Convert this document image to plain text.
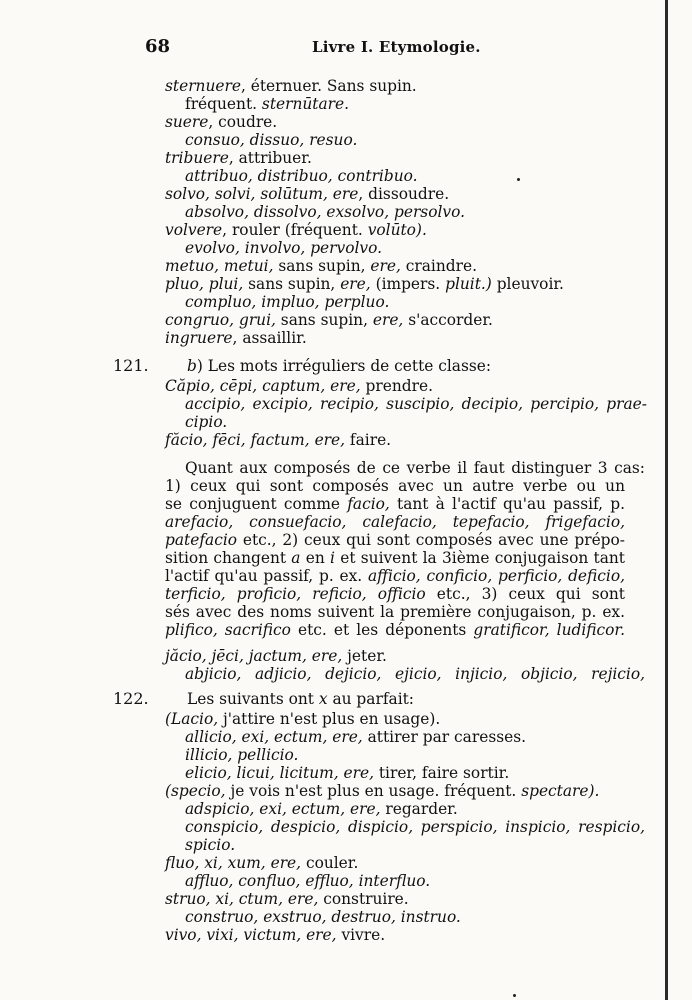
68	Livre I. Etymologie.
sternuere, éternuer. Sans supin.
fréquent. sternūtare.
suere, coudre.
consuo, dissuo, resuo.
tribuere, attribuer.
attribuo, distribuo, contribuo.
solvo, solvi, solūtum, ere, dissoudre.
absolvo, dissolvo, exsolvo, persolvo.
volvere, rouler (fréquent. volūto).
evolvo, involvo, pervolvo.
metuo, metui, sans supin, ere, craindre.
pluo, plui, sans supin, ere, (impers. pluit.) pleuvoir.
compluo, impluo, perpluo.
congruo, grui, sans supin, ere, s'accorder.
ingruere, assaillir.
b) Les mots irréguliers de cette classe:
Căpio, cēpi, captum, ere, prendre.
accipio, excipio, recipio, suscipio, decipio, percipio, prae-
cipio.
făcio, fēci, factum, ere, faire.
Quant aux composés de ce verbe il faut distinguer 3 cas:
1) ceux qui sont composés avec un autre verbe ou un
se conjuguent comme facio, tant à l'actif qu'au passif, p.
arefacio, consuefacio, calefacio, tepefacio, frigefacio,
patefacio etc., 2) ceux qui sont composés avec une prépo-
sition changent a en i et suivent la 3ième conjugaison tant
l'actif qu'au passif, p. ex. afficio, conficio, perficio, deficio,
terficio, proficio, reficio, officio etc., 3) ceux qui sont
sés avec des noms suivent la première conjugaison, p. ex.
plifico, sacrifico etc. et les déponents gratificor, ludificor.
jăcio, jēci, jactum, ere, jeter.
abjicio, adjicio, dejicio, ejicio, injicio, objicio, rejicio,
Les suivants ont x au parfait:
(Lacio, j'attire n'est plus en usage).
allicio, exi, ectum, ere, attirer par caresses.
illicio, pellicio.
elicio, licui, licitum, ere, tirer, faire sortir.
(specio, je vois n'est plus en usage. fréquent. spectare).
adspicio, exi, ectum, ere, regarder.
conspicio, despicio, dispicio, perspicio, inspicio, respicio,
spicio.
fluo, xi, xum, ere, couler.
affluo, confluo, effluo, interfluo.
struo, xi, ctum, ere, construire.
construo, exstruo, destruo, instruo.
vivo, vixi, victum, ere, vivre.
121.
122.
